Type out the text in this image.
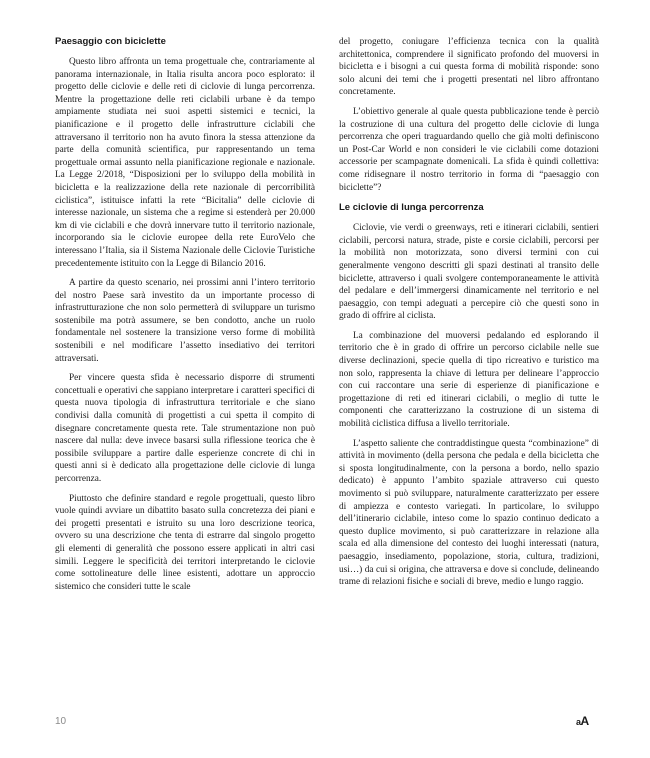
Paesaggio con biciclette

Questo libro affronta un tema progettuale che, contrariamente al panorama internazionale, in Italia risulta ancora poco esplorato: il progetto delle ciclovie e delle reti di ciclovie di lunga percorrenza. Mentre la progettazione delle reti ciclabili urbane è da tempo ampiamente studiata nei suoi aspetti sistemici e tecnici, la pianificazione e il progetto delle infrastrutture ciclabili che attraversano il territorio non ha avuto finora la stessa attenzione da parte della comunità scientifica, pur rappresentando un tema progettuale ormai assunto nella pianificazione regionale e nazionale. La Legge 2/2018, “Disposizioni per lo sviluppo della mobilità in bicicletta e la realizzazione della rete nazionale di percorribilità ciclistica”, istituisce infatti la rete “Bicitalia” delle ciclovie di interesse nazionale, un sistema che a regime si estenderà per 20.000 km di vie ciclabili e che dovrà innervare tutto il territorio nazionale, incorporando sia le ciclovie europee della rete EuroVelo che interessano l’Italia, sia il Sistema Nazionale delle Ciclovie Turistiche precedentemente istituito con la Legge di Bilancio 2016.

A partire da questo scenario, nei prossimi anni l’intero territorio del nostro Paese sarà investito da un importante processo di infrastrutturazione che non solo permetterà di sviluppare un turismo sostenibile ma potrà assumere, se ben condotto, anche un ruolo fondamentale nel sostenere la transizione verso forme di mobilità sostenibili e nel modificare l’assetto insediativo dei territori attraversati.

Per vincere questa sfida è necessario disporre di strumenti concettuali e operativi che sappiano interpretare i caratteri specifici di questa nuova tipologia di infrastruttura territoriale e che siano condivisi dalla comunità di progettisti a cui spetta il compito di disegnare concretamente questa rete. Tale strumentazione non può nascere dal nulla: deve invece basarsi sulla riflessione teorica che è possibile sviluppare a partire dalle esperienze concrete di chi in questi anni si è dedicato alla progettazione delle ciclovie di lunga percorrenza.

Piuttosto che definire standard e regole progettuali, questo libro vuole quindi avviare un dibattito basato sulla concretezza dei piani e dei progetti presentati e istruito su una loro descrizione teorica, ovvero su una descrizione che tenta di estrarre dal singolo progetto gli elementi di generalità che possono essere applicati in altri casi simili. Leggere le specificità dei territori interpretando le ciclovie come sottolineature delle linee esistenti, adottare un approccio sistemico che consideri tutte le scale

del progetto, coniugare l’efficienza tecnica con la qualità architettonica, comprendere il significato profondo del muoversi in bicicletta e i bisogni a cui questa forma di mobilità risponde: sono solo alcuni dei temi che i progetti presentati nel libro affrontano concretamente.

L’obiettivo generale al quale questa pubblicazione tende è perciò la costruzione di una cultura del progetto delle ciclovie di lunga percorrenza che operi traguardando quello che già molti definiscono un Post-Car World e non consideri le vie ciclabili come dotazioni accessorie per scampagnate domenicali. La sfida è quindi collettiva: come ridisegnare il nostro territorio in forma di “paesaggio con biciclette”?

Le ciclovie di lunga percorrenza

Ciclovie, vie verdi o greenways, reti e itinerari ciclabili, sentieri ciclabili, percorsi natura, strade, piste e corsie ciclabili, percorsi per la mobilità non motorizzata, sono diversi termini con cui generalmente vengono descritti gli spazi destinati al transito delle biciclette, attraverso i quali svolgere contemporaneamente le attività del pedalare e dell’immergersi dinamicamente nel territorio e nel paesaggio, con tempi adeguati a percepire ciò che questi sono in grado di offrire al ciclista.

La combinazione del muoversi pedalando ed esplorando il territorio che è in grado di offrire un percorso ciclabile nelle sue diverse declinazioni, specie quella di tipo ricreativo e turistico ma non solo, rappresenta la chiave di lettura per delineare l’approccio con cui raccontare una serie di esperienze di pianificazione e progettazione di reti ed itinerari ciclabili, o meglio di tutte le componenti che caratterizzano la costruzione di un sistema di mobilità ciclistica diffusa a livello territoriale.

L’aspetto saliente che contraddistingue questa “combinazione” di attività in movimento (della persona che pedala e della bicicletta che si sposta longitudinalmente, con la persona a bordo, nello spazio dedicato) è appunto l’ambito spaziale attraverso cui questo movimento si può sviluppare, naturalmente caratterizzato per essere di ampiezza e contesto variegati. In particolare, lo sviluppo dell’itinerario ciclabile, inteso come lo spazio continuo dedicato a questo duplice movimento, si può caratterizzare in relazione alla scala ed alla dimensione del contesto dei luoghi interessati (natura, paesaggio, insediamento, popolazione, storia, cultura, tradizioni, usi…) da cui si origina, che attraversa e dove si conclude, delineando trame di relazioni fisiche e sociali di breve, medio e lungo raggio.

10	aA
